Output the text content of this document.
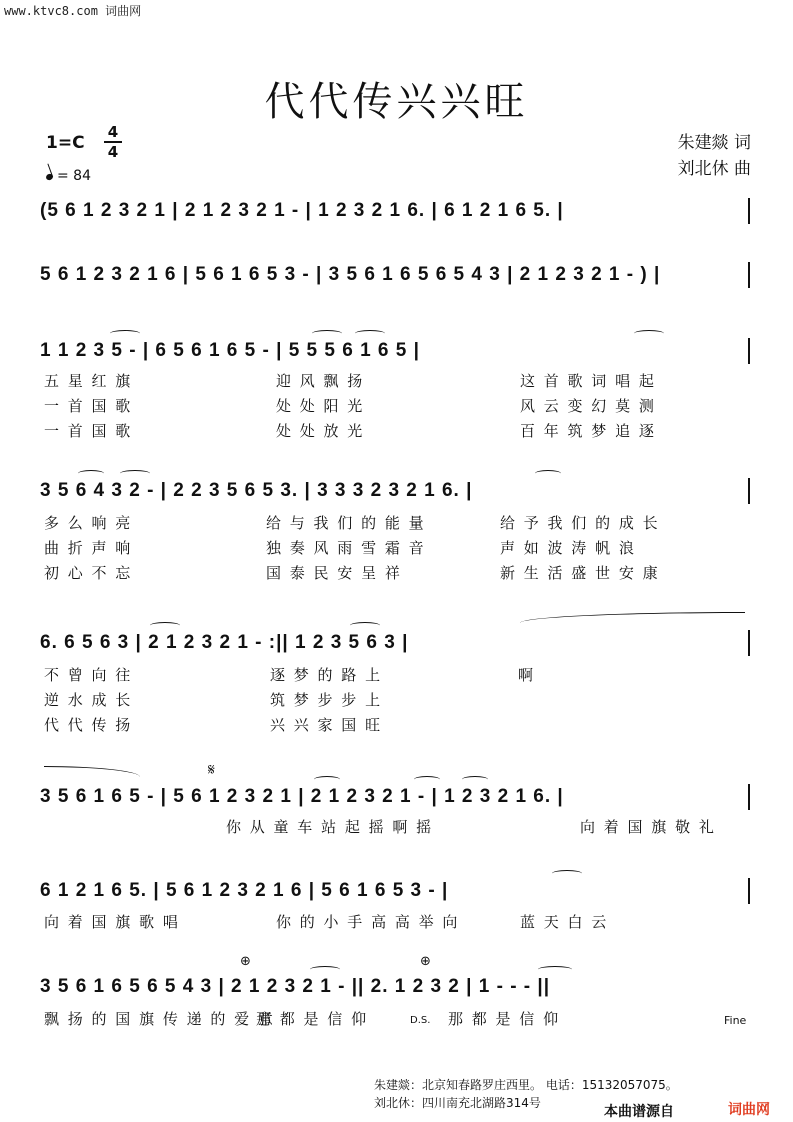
www.ktvc8.com 词曲网
代代传兴兴旺
1=C
4
4
= 84
朱建燚 词
刘北休 曲
(5 6 1 2 3 2 1 | 2 1 2 3 2 1 - | 1 2 3 2 1 6. | 6 1 2 1 6 5. |
5 6 1 2 3 2 1 6 | 5 6 1 6 5 3 - | 3 5 6 1 6 5 6 5 4 3 | 2 1 2 3 2 1 - ) |
1 1 2 3 5 - | 6 5 6 1 6 5 - | 5 5 5 6 1 6 5 |
3 5 6 4 3 2 - | 2 2 3 5 6 5 3. | 3 3 3 2 3 2 1 6. |
6. 6 5 6 3 | 2 1 2 3 2 1 - :|| 1 2 3 5 6 3 |
3 5 6 1 6 5 - | 5 6 1 2 3 2 1 | 2 1 2 3 2 1 - | 1 2 3 2 1 6. |
6 1 2 1 6 5. | 5 6 1 2 3 2 1 6 | 5 6 1 6 5 3 - |
3 5 6 1 6 5 6 5 4 3 | 2 1 2 3 2 1 - || 2. 1 2 3 2 | 1 - - - ||
五 星 红 旗	迎 风 飘 扬	这 首 歌 词 唱 起
一 首 国 歌	处 处 阳 光	风 云 变 幻 莫 测
一 首 国 歌	处 处 放 光	百 年 筑 梦 追 逐
多 么 响 亮	给 与 我 们 的 能 量	给 予 我 们 的 成 长
曲 折 声 响	独 奏 风 雨 雪 霜 音	声 如 波 涛 帆 浪
初 心 不 忘	国 泰 民 安 呈 祥	新 生 活 盛 世 安 康
不 曾 向 往	逐 梦 的 路 上	啊
逆 水 成 长	筑 梦 步 步 上
代 代 传 扬	兴 兴 家 国 旺
你 从 童 车 站 起 摇 啊 摇	向 着 国 旗 敬 礼
向 着 国 旗 歌 唱	你 的 小 手 高 高 举 向	蓝 天 白 云
飘 扬 的 国 旗 传 递 的 爱 意
那 都 是 信 仰	那 都 是 信 仰
𝄋
⊕	⊕
D.S.	Fine
朱建燚：北京知春路罗庄西里。 电话：15132057075。
刘北休：四川南充北湖路314号
本曲谱源自	词曲网
